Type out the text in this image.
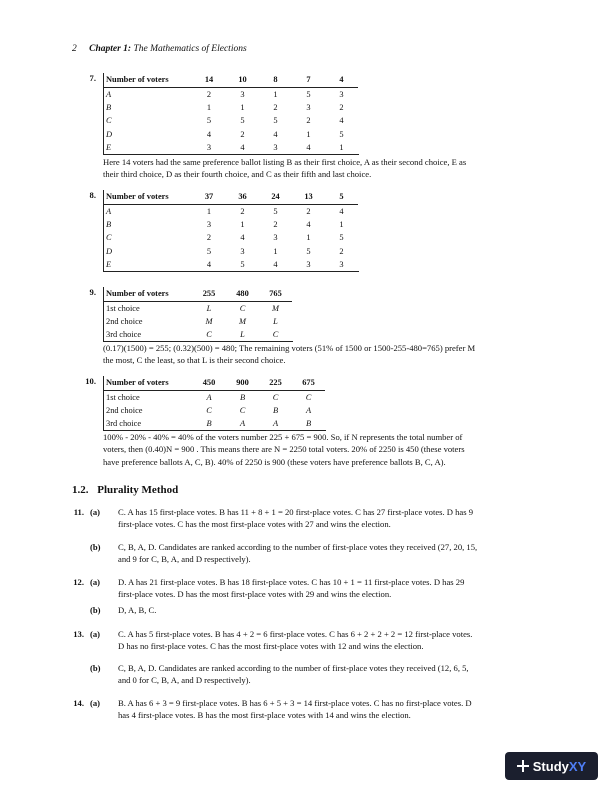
2 Chapter 1: The Mathematics of Elections
7. Number of voters	14	10	8	7	4
A	2	3	1	5	3
B	1	1	2	3	2
C	5	5	5	2	4
D	4	2	4	1	5
E	3	4	3	4	1
Here 14 voters had the same preference ballot listing B as their first choice, A as their second choice, E as
their third choice, D as their fourth choice, and C as their fifth and last choice.
8. Number of voters	37	36	24	13	5
A	1	2	5	2	4
B	3	1	2	4	1
C	2	4	3	1	5
D	5	3	1	5	2
E	4	5	4	3	3
9. Number of voters	255	480	765
1st choice	L	C	M
2nd choice	M	M	L
3rd choice	C	L	C
(0.17)(1500) = 255; (0.32)(500) = 480; The remaining voters (51% of 1500 or 1500-255-480=765) prefer M
the most, C the least, so that L is their second choice.
10. Number of voters	450	900	225	675
1st choice	A	B	C	C
2nd choice	C	C	B	A
3rd choice	B	A	A	B
100% - 20% - 40% = 40% of the voters number 225 + 675 = 900. So, if N represents the total number of
voters, then (0.40)N = 900 . This means there are N = 2250 total voters. 20% of 2250 is 450 (these voters
have preference ballots A, C, B). 40% of 2250 is 900 (these voters have preference ballots B, C, A).
1.2. Plurality Method
11. (a) C. A has 15 first-place votes. B has 11 + 8 + 1 = 20 first-place votes. C has 27 first-place votes. D has 9
first-place votes. C has the most first-place votes with 27 and wins the election.
(b) C, B, A, D. Candidates are ranked according to the number of first-place votes they received (27, 20, 15,
and 9 for C, B, A, and D respectively).
12. (a) D. A has 21 first-place votes. B has 18 first-place votes. C has 10 + 1 = 11 first-place votes. D has 29
first-place votes. D has the most first-place votes with 29 and wins the election.
(b) D, A, B, C.
13. (a) C. A has 5 first-place votes. B has 4 + 2 = 6 first-place votes. C has 6 + 2 + 2 + 2 = 12 first-place votes.
D has no first-place votes. C has the most first-place votes with 12 and wins the election.
(b) C, B, A, D. Candidates are ranked according to the number of first-place votes they received (12, 6, 5,
and 0 for C, B, A, and D respectively).
14. (a) B. A has 6 + 3 = 9 first-place votes. B has 6 + 5 + 3 = 14 first-place votes. C has no first-place votes. D
has 4 first-place votes. B has the most first-place votes with 14 and wins the election.
StudyXY
